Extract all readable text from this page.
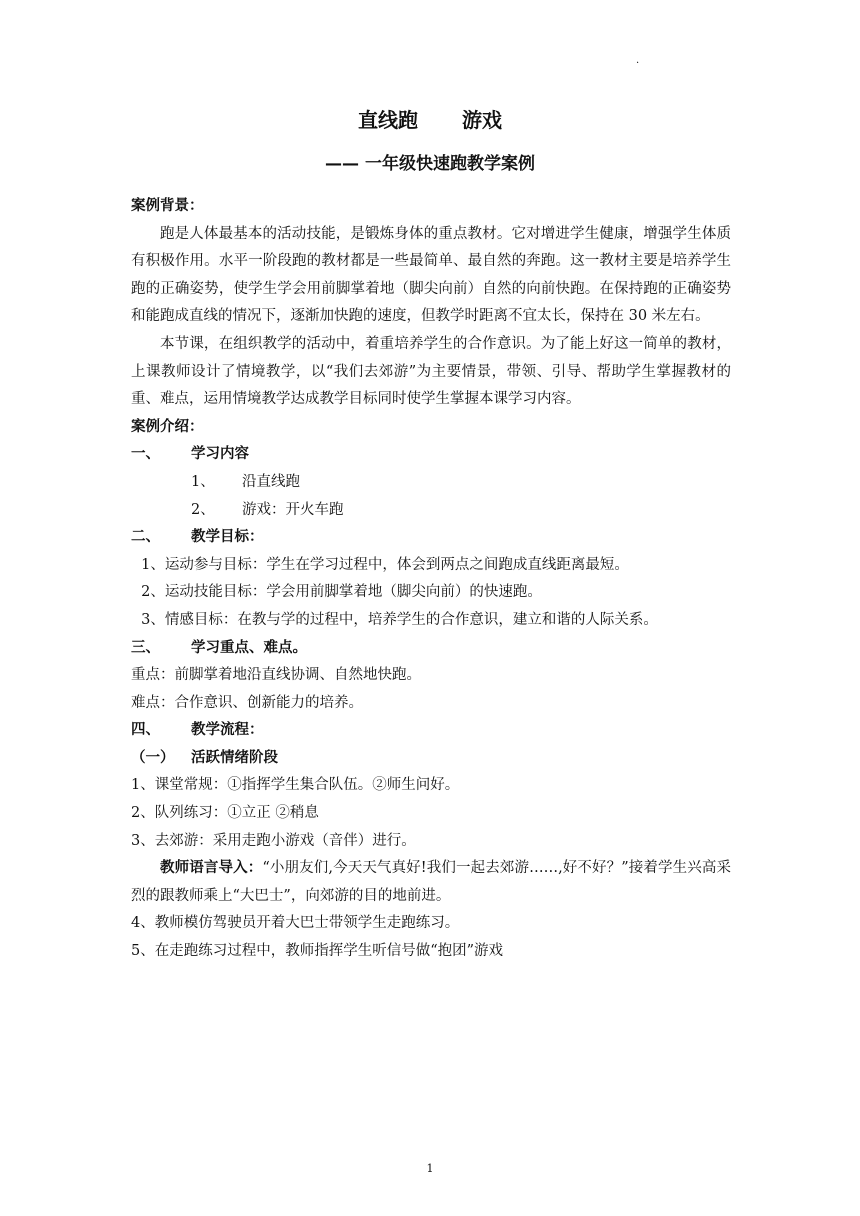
.
直线跑 游戏
—— 一年级快速跑教学案例

案例背景：

跑是人体最基本的活动技能，是锻炼身体的重点教材。它对增进学生健康，增强学生体质有积极作用。水平一阶段跑的教材都是一些最简单、最自然的奔跑。这一教材主要是培养学生跑的正确姿势，使学生学会用前脚掌着地（脚尖向前）自然的向前快跑。在保持跑的正确姿势和能跑成直线的情况下，逐渐加快跑的速度，但教学时距离不宜太长，保持在 30 米左右。

本节课，在组织教学的活动中，着重培养学生的合作意识。为了能上好这一简单的教材，上课教师设计了情境教学，以“我们去郊游”为主要情景，带领、引导、帮助学生掌握教材的重、难点，运用情境教学达成教学目标同时使学生掌握本课学习内容。

案例介绍：

一、	学习内容
1、	沿直线跑
2、	游戏：开火车跑
二、	教学目标：

1、运动参与目标：学生在学习过程中，体会到两点之间跑成直线距离最短。

2、运动技能目标：学会用前脚掌着地（脚尖向前）的快速跑。

3、情感目标：在教与学的过程中，培养学生的合作意识，建立和谐的人际关系。

三、	学习重点、难点。

重点：前脚掌着地沿直线协调、自然地快跑。

难点：合作意识、创新能力的培养。

四、	教学流程：
（一）	活跃情绪阶段

1、课堂常规：①指挥学生集合队伍。②师生问好。

2、队列练习：①立正 ②稍息

3、去郊游：采用走跑小游戏（音伴）进行。

教师语言导入：“小朋友们,今天天气真好!我们一起去郊游……,好不好？”接着学生兴高采烈的跟教师乘上“大巴士”，向郊游的目的地前进。

4、教师模仿驾驶员开着大巴士带领学生走跑练习。

5、在走跑练习过程中，教师指挥学生听信号做“抱团”游戏

1
